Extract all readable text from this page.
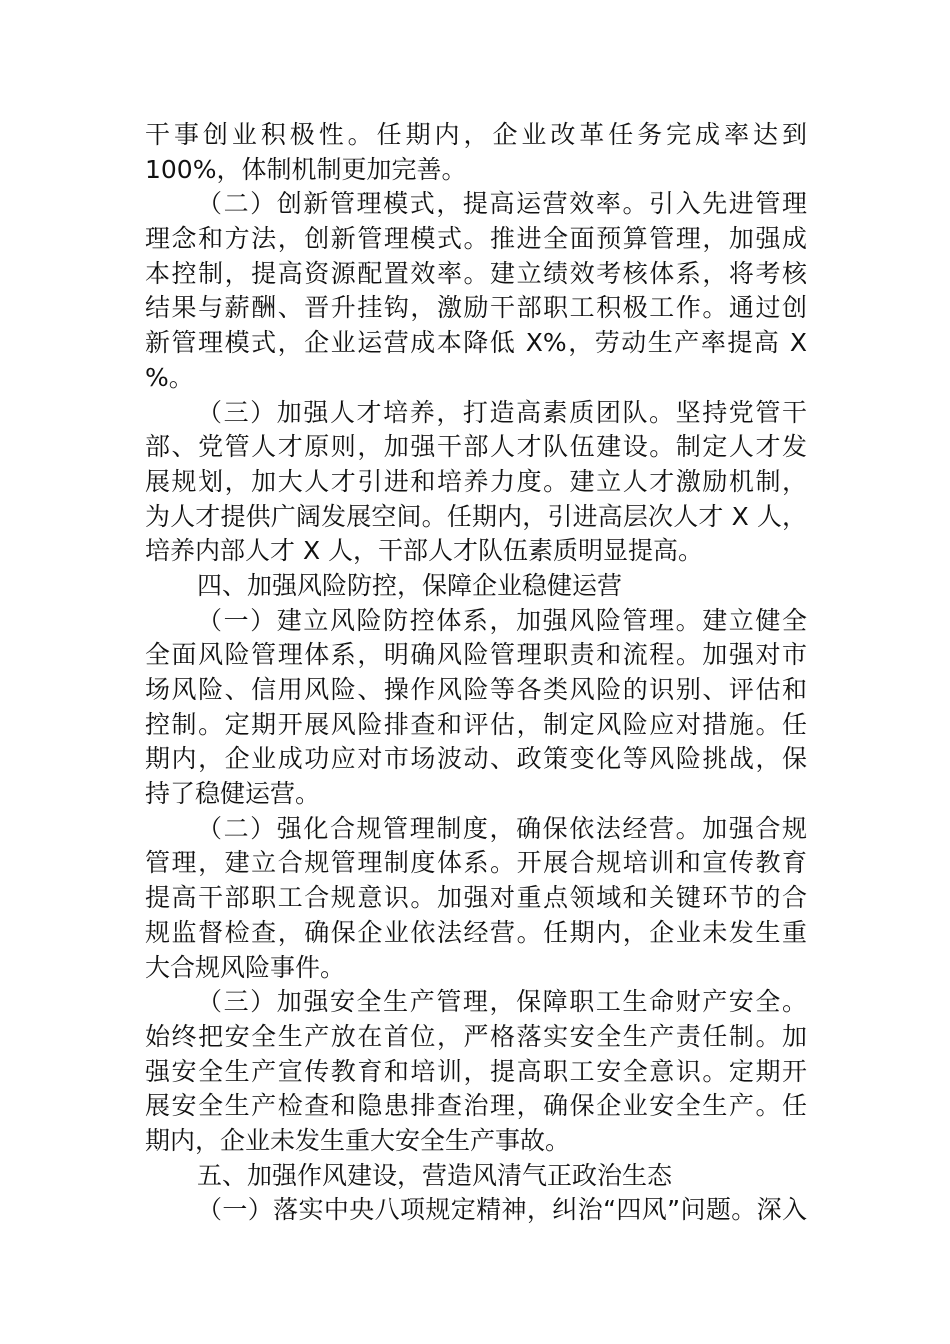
干事创业积极性。任期内，企业改革任务完成率达到
100%，体制机制更加完善。
（二）创新管理模式，提高运营效率。引入先进管理
理念和方法，创新管理模式。推进全面预算管理，加强成
本控制，提高资源配置效率。建立绩效考核体系，将考核
结果与薪酬、晋升挂钩，激励干部职工积极工作。通过创
新管理模式，企业运营成本降低 X%，劳动生产率提高 X
%。
（三）加强人才培养，打造高素质团队。坚持党管干
部、党管人才原则，加强干部人才队伍建设。制定人才发
展规划，加大人才引进和培养力度。建立人才激励机制，
为人才提供广阔发展空间。任期内，引进高层次人才 X 人，
培养内部人才 X 人，干部人才队伍素质明显提高。
四、加强风险防控，保障企业稳健运营
（一）建立风险防控体系，加强风险管理。建立健全
全面风险管理体系，明确风险管理职责和流程。加强对市
场风险、信用风险、操作风险等各类风险的识别、评估和
控制。定期开展风险排查和评估，制定风险应对措施。任
期内，企业成功应对市场波动、政策变化等风险挑战，保
持了稳健运营。
（二）强化合规管理制度，确保依法经营。加强合规
管理，建立合规管理制度体系。开展合规培训和宣传教育
提高干部职工合规意识。加强对重点领域和关键环节的合
规监督检查，确保企业依法经营。任期内，企业未发生重
大合规风险事件。
（三）加强安全生产管理，保障职工生命财产安全。
始终把安全生产放在首位，严格落实安全生产责任制。加
强安全生产宣传教育和培训，提高职工安全意识。定期开
展安全生产检查和隐患排查治理，确保企业安全生产。任
期内，企业未发生重大安全生产事故。
五、加强作风建设，营造风清气正政治生态
（一）落实中央八项规定精神，纠治“四风”问题。深入
